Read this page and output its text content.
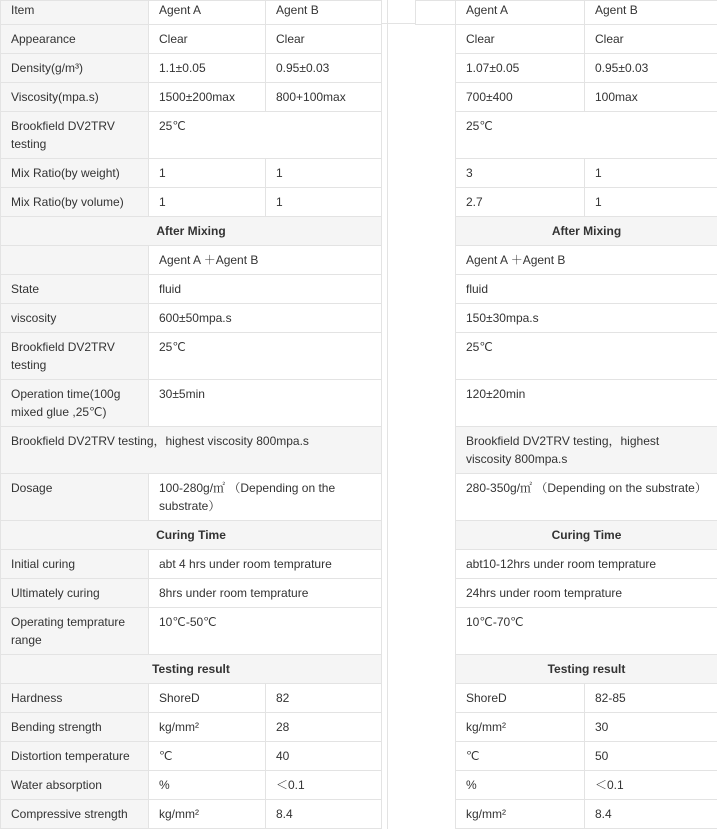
Item	Agent A	Agent B
Appearance	Clear	Clear
Density(g/m³)	1.1±0.05	0.95±0.03
Viscosity(mpa.s)	1500±200max	800+100max
Brookfield DV2TRV testing	25℃	
Mix Ratio(by weight)	1	1
Mix Ratio(by volume)	1	1
After Mixing		
	Agent A ＋Agent B	
State	fluid	
viscosity	600±50mpa.s	
Brookfield DV2TRV testing	25℃	
Operation time(100g mixed glue ,25℃)	30±5min	
Brookfield DV2TRV testing，highest viscosity 800mpa.s		
Dosage	100-280g/㎡ （Depending on the substrate）	
Curing Time		
Initial curing	abt 4 hrs under room temprature	
Ultimately curing	8hrs under room temprature	
Operating temprature range	10℃-50℃	
Testing result		
Hardness	ShoreD	82
Bending strength	kg/mm²	28
Distortion temperature	℃	40
Water absorption	%	＜0.1
Compressive strength	kg/mm²	8.4
	Agent A	Agent B
	Clear	Clear
	1.07±0.05	0.95±0.03
	700±400	100max
	25℃	
	3	1
	2.7	1
	After Mixing	
	Agent A ＋Agent B	
	fluid	
	150±30mpa.s	
	25℃	
	120±20min	
	Brookfield DV2TRV testing，highest viscosity 800mpa.s	
	280-350g/㎡ （Depending on the substrate）	
	Curing Time	
	abt10-12hrs under room temprature	
	24hrs under room temprature	
	10℃-70℃	
	Testing result	
	ShoreD	82-85
	kg/mm²	30
	℃	50
	%	＜0.1
	kg/mm²	8.4
